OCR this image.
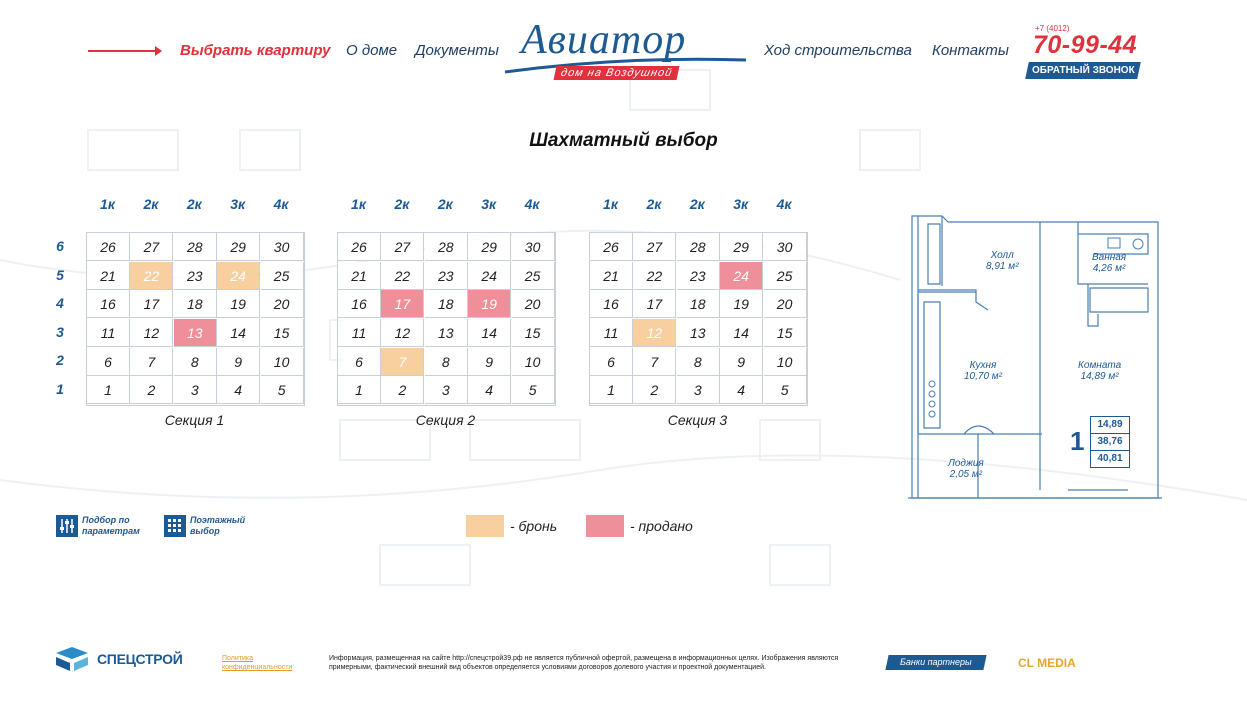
Выбрать квартиру О доме Документы Авиатор
дом на Воздушной
Ход строительства Контакты
+7 (4012)
70-99-44
ОБРАТНЫЙ ЗВОНОК
Шахматный выбор
1к	2к	2к	3к	4к
6
5
4
3
2
1
26	27	28	29	30
21	22	23	24	25
16	17	18	19	20
11	12	13	14	15
6	7	8	9	10
1	2	3	4	5
Секция 1
1к	2к	2к	3к	4к
26	27	28	29	30
21	22	23	24	25
16	17	18	19	20
11	12	13	14	15
6	7	8	9	10
1	2	3	4	5
Секция 2
1к	2к	2к	3к	4к
26	27	28	29	30
21	22	23	24	25
16	17	18	19	20
11	12	13	14	15
6	7	8	9	10
1	2	3	4	5
Секция 3
Холл
8,91 м²
Ванная
4,26 м²
Кухня
10,70 м²
Комната
14,89 м²
Лоджия
2,05 м²
1
14,89
38,76
40,81
Подбор по параметрам
Поэтажный выбор	- бронь	- продано
СПЕЦСТРОЙ	Политика конфиденциальности
Информация, размещенная на сайте http://спецстрой39.рф не является публичной офертой, размещена в информационных целях. Изображения являются примерными, фактический внешний вид объектов определяется условиями договоров долевого участия и проектной документацией.
Банки партнеры	CL MEDIA
